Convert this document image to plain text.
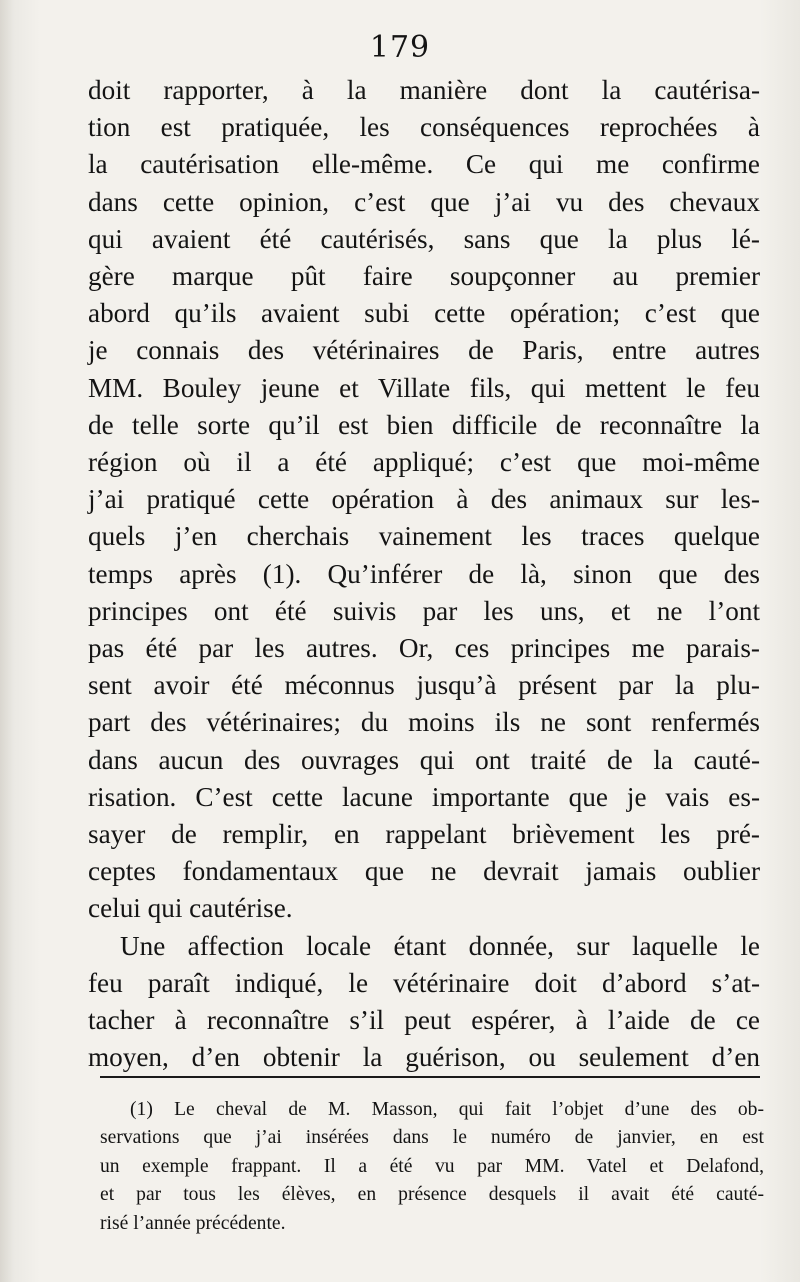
179
doit rapporter, à la manière dont la cautérisa-
tion est pratiquée, les conséquences reprochées à
la cautérisation elle-même. Ce qui me confirme
dans cette opinion, c’est que j’ai vu des chevaux
qui avaient été cautérisés, sans que la plus lé-
gère marque pût faire soupçonner au premier
abord qu’ils avaient subi cette opération; c’est que
je connais des vétérinaires de Paris, entre autres
MM. Bouley jeune et Villate fils, qui mettent le feu
de telle sorte qu’il est bien difficile de reconnaître la
région où il a été appliqué; c’est que moi-même
j’ai pratiqué cette opération à des animaux sur les-
quels j’en cherchais vainement les traces quelque
temps après (1). Qu’inférer de là, sinon que des
principes ont été suivis par les uns, et ne l’ont
pas été par les autres. Or, ces principes me parais-
sent avoir été méconnus jusqu’à présent par la plu-
part des vétérinaires; du moins ils ne sont renfermés
dans aucun des ouvrages qui ont traité de la cauté-
risation. C’est cette lacune importante que je vais es-
sayer de remplir, en rappelant brièvement les pré-
ceptes fondamentaux que ne devrait jamais oublier
celui qui cautérise.
Une affection locale étant donnée, sur laquelle le
feu paraît indiqué, le vétérinaire doit d’abord s’at-
tacher à reconnaître s’il peut espérer, à l’aide de ce
moyen, d’en obtenir la guérison, ou seulement d’en
(1) Le cheval de M. Masson, qui fait l’objet d’une des ob-
servations que j’ai insérées dans le numéro de janvier, en est
un exemple frappant. Il a été vu par MM. Vatel et Delafond,
et par tous les élèves, en présence desquels il avait été cauté-
risé l’année précédente.
